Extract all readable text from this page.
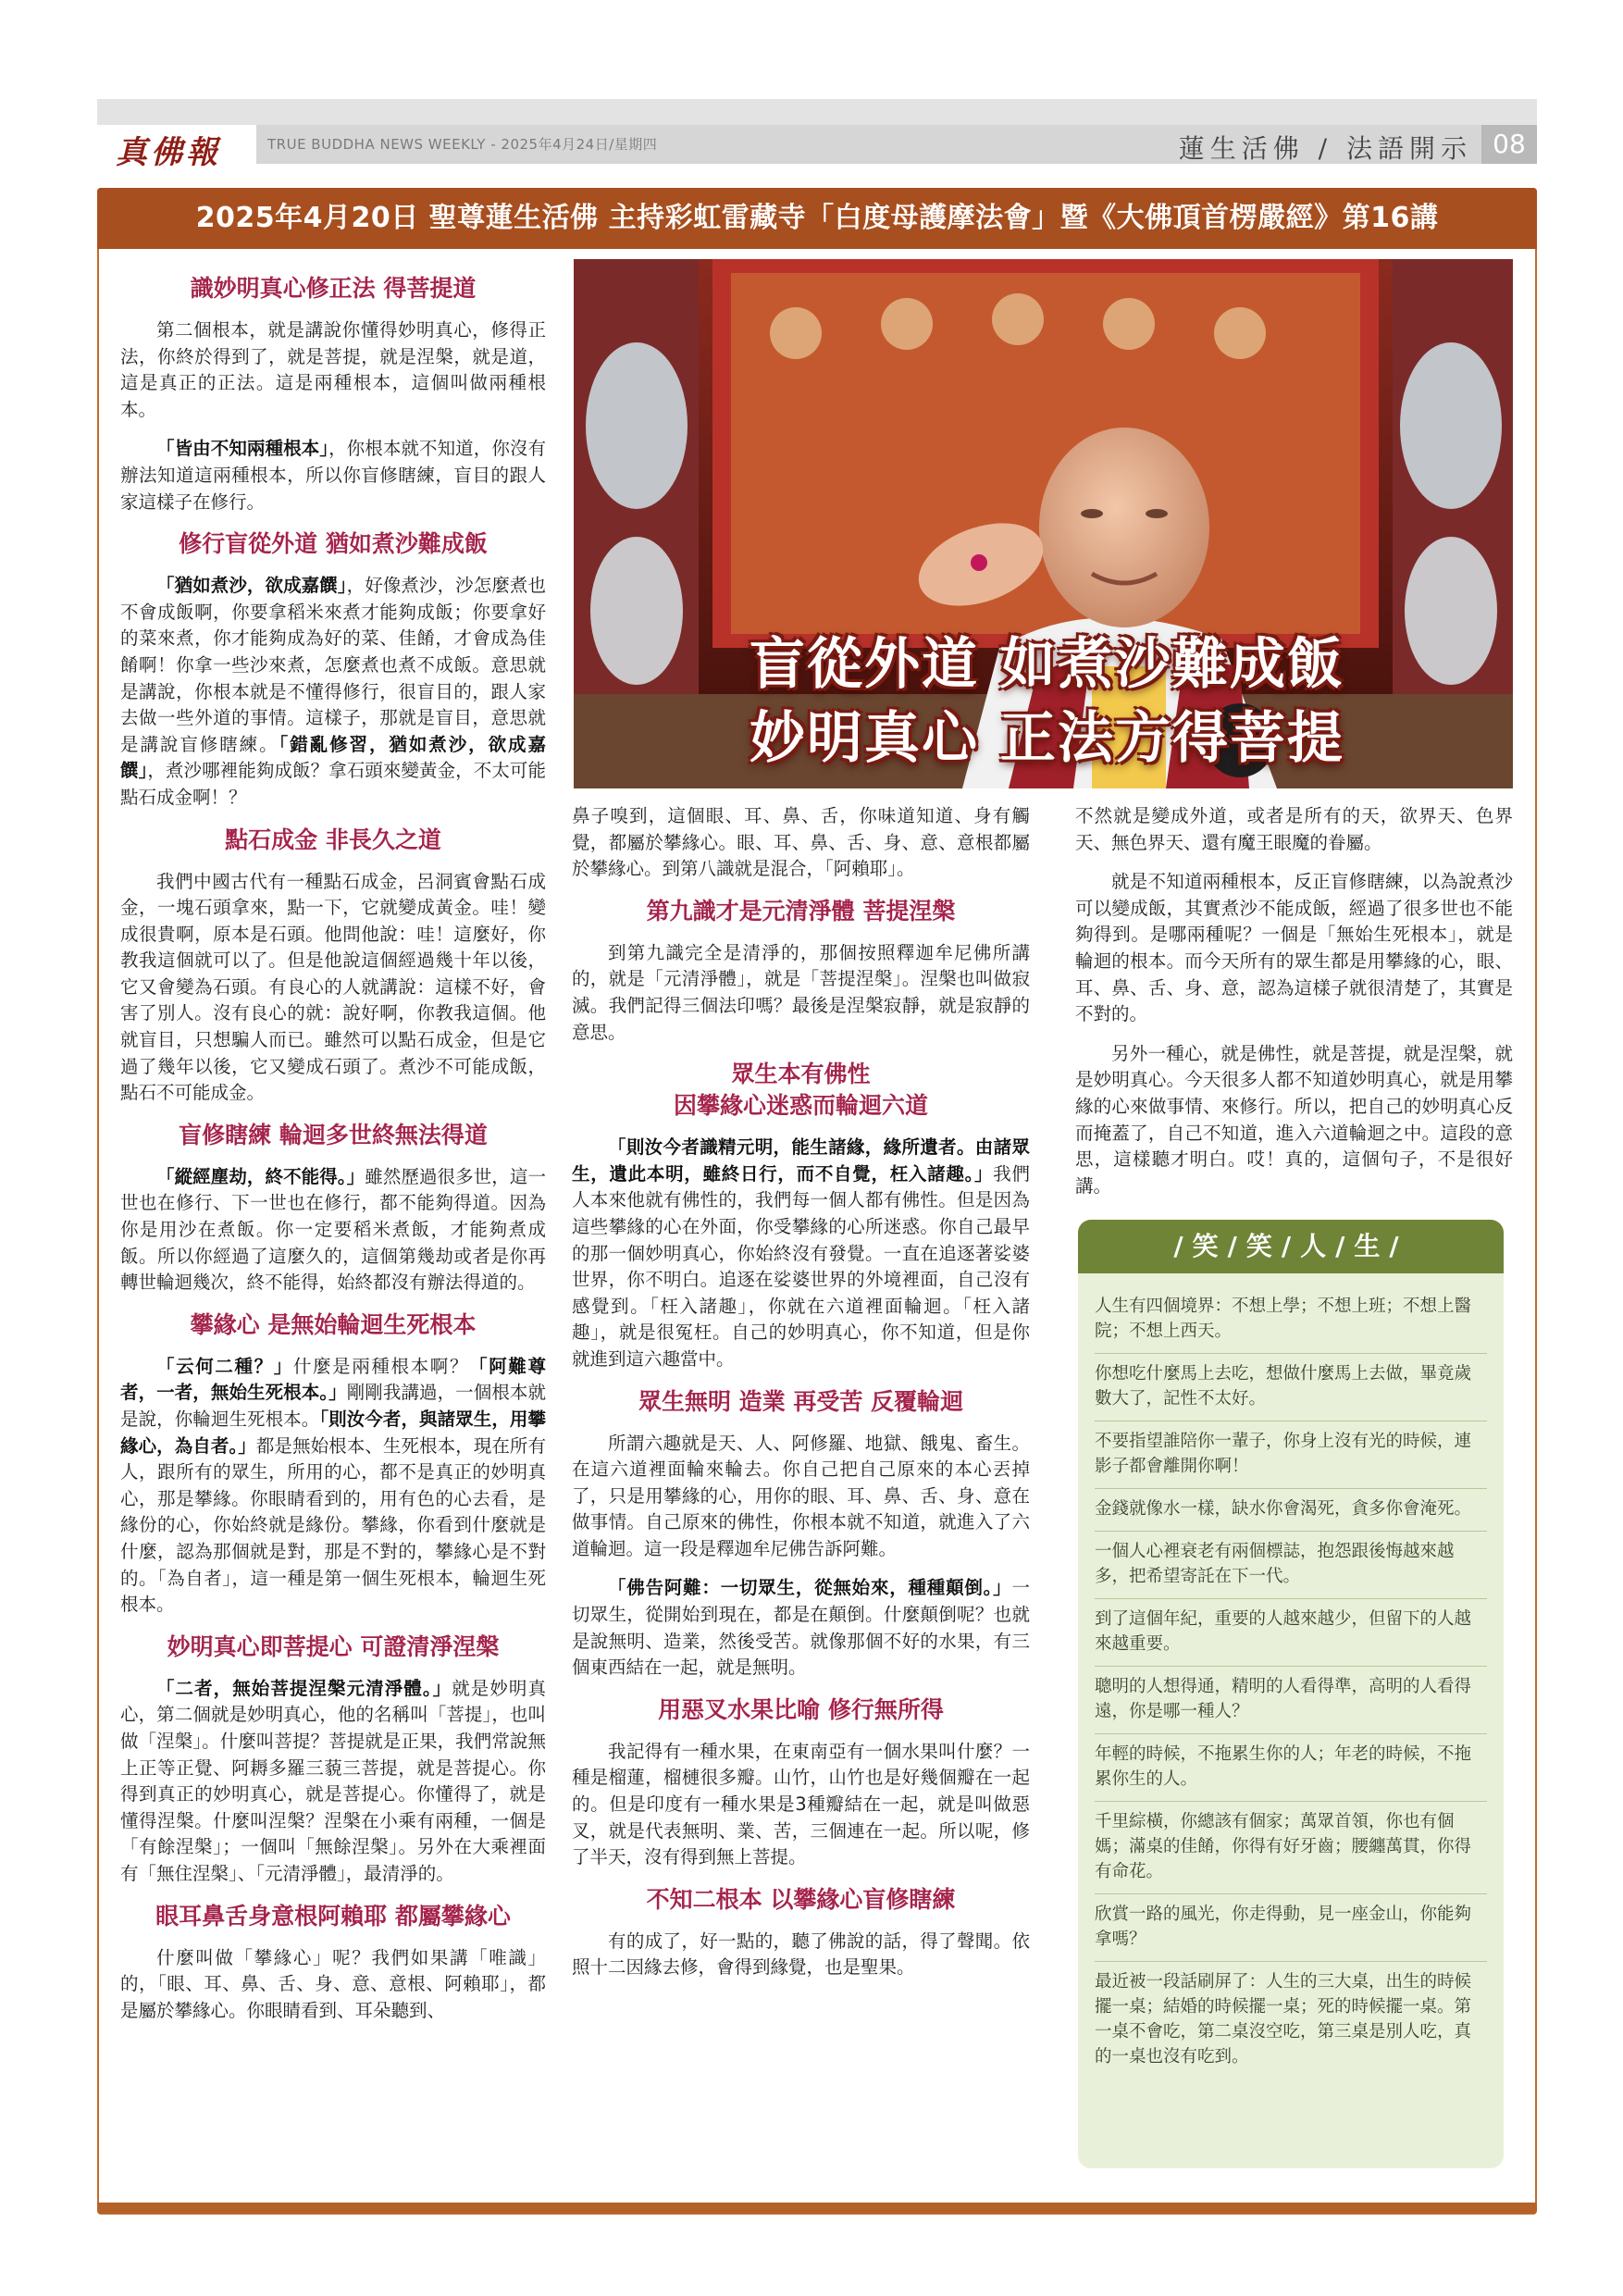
真佛報	TRUE BUDDHA NEWS WEEKLY - 2025年4月24日/星期四	蓮生活佛 / 法語開示 08
2025年4月20日 聖尊蓮生活佛 主持彩虹雷藏寺「白度母護摩法會」暨《大佛頂首楞嚴經》第16講
盲從外道 如煮沙難成飯
妙明真心 正法方得菩提
識妙明真心修正法 得菩提道

第二個根本，就是講說你懂得妙明真心，修得正法，你終於得到了，就是菩提，就是涅槃，就是道，這是真正的正法。這是兩種根本，這個叫做兩種根本。

「皆由不知兩種根本」，你根本就不知道，你沒有辦法知道這兩種根本，所以你盲修瞎練，盲目的跟人家這樣子在修行。

修行盲從外道 猶如煮沙難成飯

「猶如煮沙，欲成嘉饌」，好像煮沙，沙怎麼煮也不會成飯啊，你要拿稻米來煮才能夠成飯；你要拿好的菜來煮，你才能夠成為好的菜、佳餚，才會成為佳餚啊！你拿一些沙來煮，怎麼煮也煮不成飯。意思就是講說，你根本就是不懂得修行，很盲目的，跟人家去做一些外道的事情。這樣子，那就是盲目，意思就是講說盲修瞎練。「錯亂修習，猶如煮沙，欲成嘉饌」，煮沙哪裡能夠成飯？拿石頭來變黃金，不太可能點石成金啊！？

點石成金 非長久之道

我們中國古代有一種點石成金，呂洞賓會點石成金，一塊石頭拿來，點一下，它就變成黃金。哇！變成很貴啊，原本是石頭。他問他說：哇！這麼好，你教我這個就可以了。但是他說這個經過幾十年以後，它又會變為石頭。有良心的人就講說：這樣不好，會害了別人。沒有良心的就：說好啊，你教我這個。他就盲目，只想騙人而已。雖然可以點石成金，但是它過了幾年以後，它又變成石頭了。煮沙不可能成飯，點石不可能成金。

盲修瞎練 輪迴多世終無法得道

「縱經塵劫，終不能得。」雖然歷過很多世，這一世也在修行、下一世也在修行，都不能夠得道。因為你是用沙在煮飯。你一定要稻米煮飯，才能夠煮成飯。所以你經過了這麼久的，這個第幾劫或者是你再轉世輪迴幾次，終不能得，始終都沒有辦法得道的。

攀緣心 是無始輪迴生死根本

「云何二種？」什麼是兩種根本啊？「阿難尊者，一者，無始生死根本。」剛剛我講過，一個根本就是說，你輪迴生死根本。「則汝今者，與諸眾生，用攀緣心，為自者。」都是無始根本、生死根本，現在所有人，跟所有的眾生，所用的心，都不是真正的妙明真心，那是攀緣。你眼睛看到的，用有色的心去看，是緣份的心，你始終就是緣份。攀緣，你看到什麼就是什麼，認為那個就是對，那是不對的，攀緣心是不對的。「為自者」，這一種是第一個生死根本，輪迴生死根本。

妙明真心即菩提心 可證清淨涅槃

「二者，無始菩提涅槃元清淨體。」就是妙明真心，第二個就是妙明真心，他的名稱叫「菩提」，也叫做「涅槃」。什麼叫菩提？菩提就是正果，我們常說無上正等正覺、阿耨多羅三藐三菩提，就是菩提心。你得到真正的妙明真心，就是菩提心。你懂得了，就是懂得涅槃。什麼叫涅槃？涅槃在小乘有兩種，一個是「有餘涅槃」；一個叫「無餘涅槃」。另外在大乘裡面有「無住涅槃」、「元清淨體」，最清淨的。

眼耳鼻舌身意根阿賴耶 都屬攀緣心

什麼叫做「攀緣心」呢？我們如果講「唯識」的，「眼、耳、鼻、舌、身、意、意根、阿賴耶」，都是屬於攀緣心。你眼睛看到、耳朵聽到、

鼻子嗅到，這個眼、耳、鼻、舌，你味道知道、身有觸覺，都屬於攀緣心。眼、耳、鼻、舌、身、意、意根都屬於攀緣心。到第八識就是混合，「阿賴耶」。

第九識才是元清淨體 菩提涅槃

到第九識完全是清淨的，那個按照釋迦牟尼佛所講的，就是「元清淨體」，就是「菩提涅槃」。涅槃也叫做寂滅。我們記得三個法印嗎？最後是涅槃寂靜，就是寂靜的意思。

眾生本有佛性
因攀緣心迷惑而輪迴六道

「則汝今者識精元明，能生諸緣，緣所遺者。由諸眾生，遺此本明，雖終日行，而不自覺，枉入諸趣。」我們人本來他就有佛性的，我們每一個人都有佛性。但是因為這些攀緣的心在外面，你受攀緣的心所迷惑。你自己最早的那一個妙明真心，你始終沒有發覺。一直在追逐著娑婆世界，你不明白。追逐在娑婆世界的外境裡面，自己沒有感覺到。「枉入諸趣」，你就在六道裡面輪迴。「枉入諸趣」，就是很冤枉。自己的妙明真心，你不知道，但是你就進到這六趣當中。

眾生無明 造業 再受苦 反覆輪迴

所謂六趣就是天、人、阿修羅、地獄、餓鬼、畜生。在這六道裡面輪來輪去。你自己把自己原來的本心丟掉了，只是用攀緣的心，用你的眼、耳、鼻、舌、身、意在做事情。自己原來的佛性，你根本就不知道，就進入了六道輪迴。這一段是釋迦牟尼佛告訴阿難。

「佛告阿難：一切眾生，從無始來，種種顛倒。」一切眾生，從開始到現在，都是在顛倒。什麼顛倒呢？也就是說無明、造業，然後受苦。就像那個不好的水果，有三個東西結在一起，就是無明。

用惡叉水果比喻 修行無所得

我記得有一種水果，在東南亞有一個水果叫什麼？一種是榴蓮，榴槤很多瓣。山竹，山竹也是好幾個瓣在一起的。但是印度有一種水果是3種瓣結在一起，就是叫做惡叉，就是代表無明、業、苦，三個連在一起。所以呢，修了半天，沒有得到無上菩提。

不知二根本 以攀緣心盲修瞎練

有的成了，好一點的，聽了佛說的話，得了聲聞。依照十二因緣去修，會得到緣覺，也是聖果。

不然就是變成外道，或者是所有的天，欲界天、色界天、無色界天、還有魔王眼魔的眷屬。

就是不知道兩種根本，反正盲修瞎練，以為說煮沙可以變成飯，其實煮沙不能成飯，經過了很多世也不能夠得到。是哪兩種呢？一個是「無始生死根本」，就是輪迴的根本。而今天所有的眾生都是用攀緣的心，眼、耳、鼻、舌、身、意，認為這樣子就很清楚了，其實是不對的。

另外一種心，就是佛性，就是菩提，就是涅槃，就是妙明真心。今天很多人都不知道妙明真心，就是用攀緣的心來做事情、來修行。所以，把自己的妙明真心反而掩蓋了，自己不知道，進入六道輪迴之中。這段的意思，這樣聽才明白。哎！真的，這個句子，不是很好講。

/笑/笑/人/生/
人生有四個境界：不想上學；不想上班；不想上醫院；不想上西天。
你想吃什麼馬上去吃，想做什麼馬上去做，畢竟歲數大了，記性不太好。
不要指望誰陪你一輩子，你身上沒有光的時候，連影子都會離開你啊！
金錢就像水一樣，缺水你會渴死，貪多你會淹死。
一個人心裡衰老有兩個標誌，抱怨跟後悔越來越多，把希望寄託在下一代。
到了這個年紀，重要的人越來越少，但留下的人越來越重要。
聰明的人想得通，精明的人看得準，高明的人看得遠，你是哪一種人？
年輕的時候，不拖累生你的人；年老的時候，不拖累你生的人。
千里綜橫，你總該有個家；萬眾首領，你也有個媽；滿桌的佳餚，你得有好牙齒；腰纏萬貫，你得有命花。
欣賞一路的風光，你走得動，見一座金山，你能夠拿嗎？
最近被一段話刷屏了：人生的三大桌，出生的時候擺一桌；結婚的時候擺一桌；死的時候擺一桌。第一桌不會吃，第二桌沒空吃，第三桌是別人吃，真的一桌也沒有吃到。
